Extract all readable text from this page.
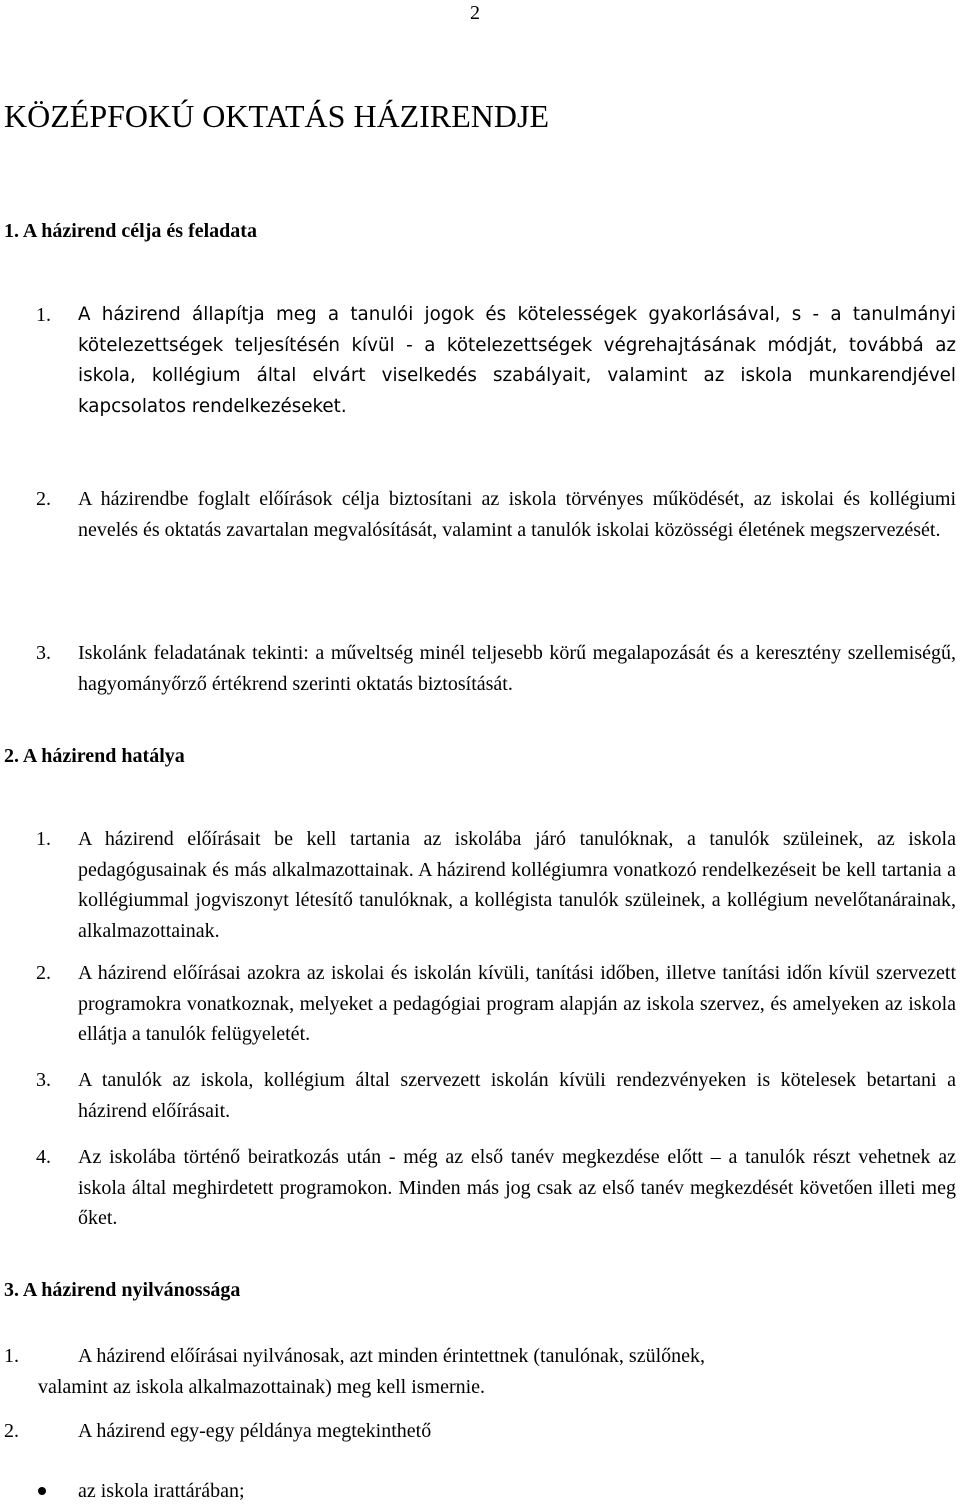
2
KÖZÉPFOKÚ OKTATÁS HÁZIRENDJE
1. A házirend célja és feladata
1. A házirend állapítja meg a tanulói jogok és kötelességek gyakorlásával, s - a tanulmányi kötelezettségek teljesítésén kívül - a kötelezettségek végrehajtásának módját, továbbá az iskola, kollégium által elvárt viselkedés szabályait, valamint az iskola munkarendjével kapcsolatos rendelkezéseket.
2. A házirendbe foglalt előírások célja biztosítani az iskola törvényes működését, az iskolai és kollégiumi nevelés és oktatás zavartalan megvalósítását, valamint a tanulók iskolai közösségi életének megszervezését.
3. Iskolánk feladatának tekinti: a műveltség minél teljesebb körű megalapozását és a keresztény szellemiségű, hagyományőrző értékrend szerinti oktatás biztosítását.
2. A házirend hatálya
1. A házirend előírásait be kell tartania az iskolába járó tanulóknak, a tanulók szüleinek, az iskola pedagógusainak és más alkalmazottainak. A házirend kollégiumra vonatkozó rendelkezéseit be kell tartania a kollégiummal jogviszonyt létesítő tanulóknak, a kollégista tanulók szüleinek, a kollégium nevelőtanárainak, alkalmazottainak.
2. A házirend előírásai azokra az iskolai és iskolán kívüli, tanítási időben, illetve tanítási időn kívül szervezett programokra vonatkoznak, melyeket a pedagógiai program alapján az iskola szervez, és amelyeken az iskola ellátja a tanulók felügyeletét.
3. A tanulók az iskola, kollégium által szervezett iskolán kívüli rendezvényeken is kötelesek betartani a házirend előírásait.
4. Az iskolába történő beiratkozás után - még az első tanév megkezdése előtt – a tanulók részt vehetnek az iskola által meghirdetett programokon. Minden más jog csak az első tanév megkezdését követően illeti meg őket.
3. A házirend nyilvánossága
1.	A házirend előírásai nyilvánosak, azt minden érintettnek (tanulónak, szülőnek,
valamint az iskola alkalmazottainak) meg kell ismernie.
2.	A házirend egy-egy példánya megtekinthető
az iskola irattárában;
